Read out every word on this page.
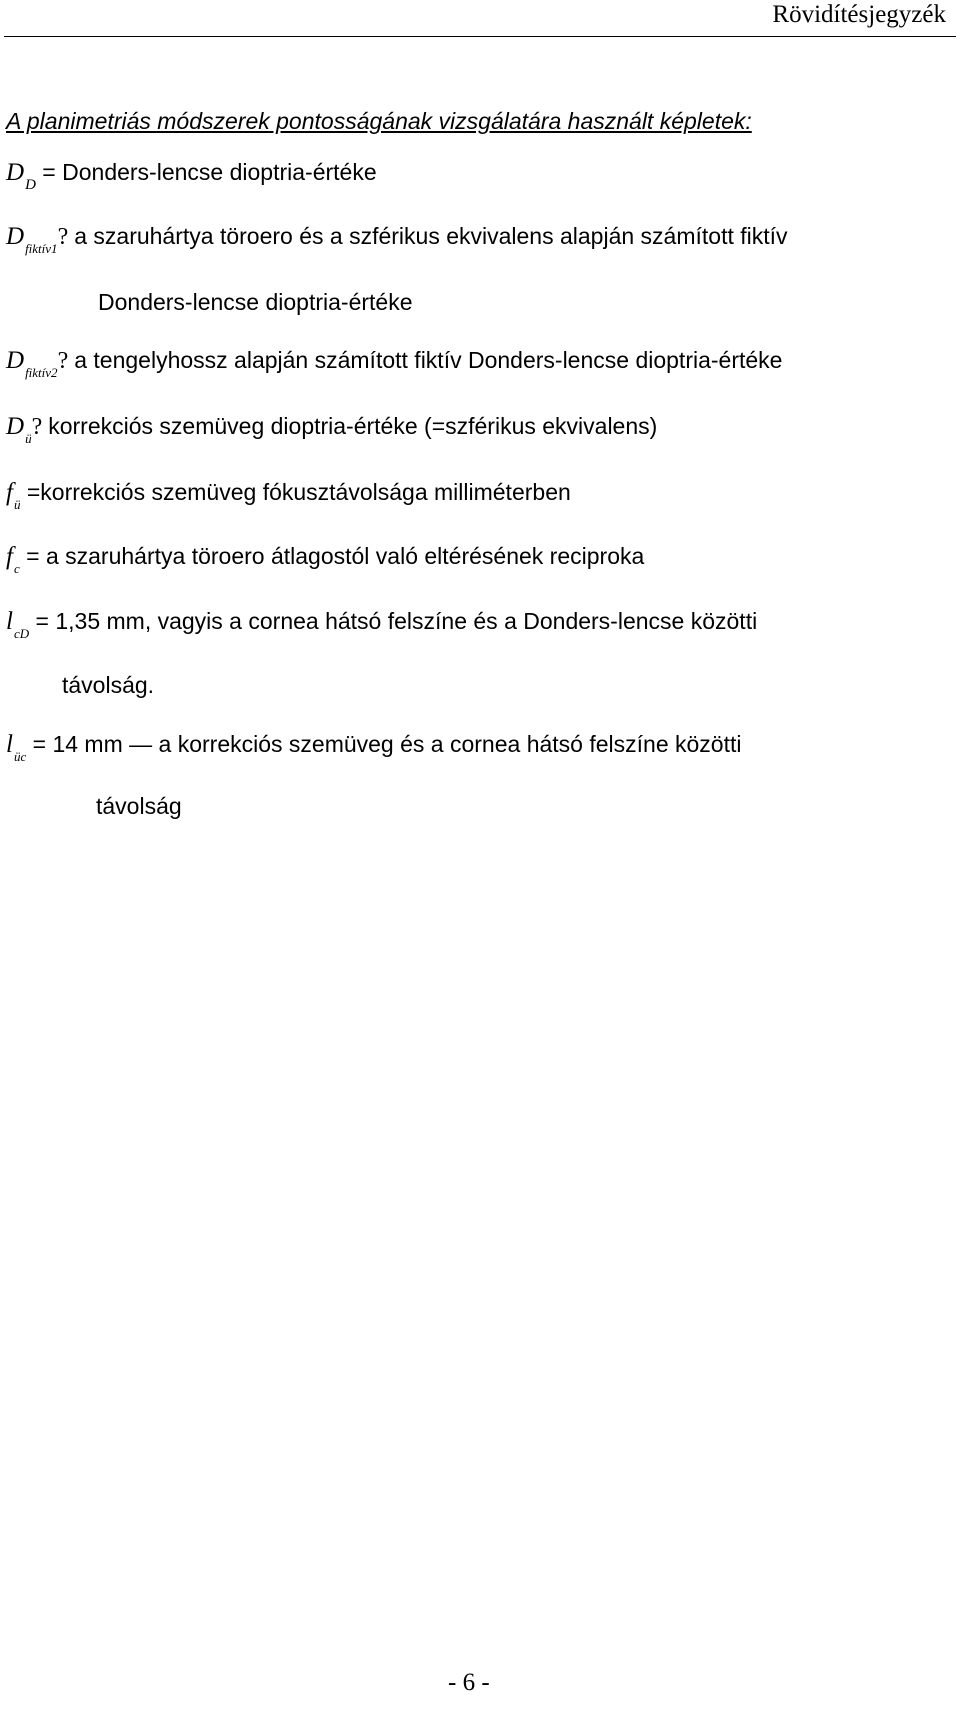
Rövidítésjegyzék
A planimetriás módszerek pontosságának vizsgálatára használt képletek:
$D_D$ = Donders-lencse dioptria-értéke
$D_{fiktív1}$? a szaruhártya töroero és a szférikus ekvivalens alapján számított fiktív
Donders-lencse dioptria-értéke
$D_{fiktív2}$? a tengelyhossz alapján számított fiktív Donders-lencse dioptria-értéke
$D_ü$? korrekciós szemüveg dioptria-értéke (=szférikus ekvivalens)
$f_ü$ =korrekciós szemüveg fókusztávolsága milliméterben
$f_c = a$ szaruhártya töroero átlagostól való eltérésének reciproka
$l_{cD} = 1,35$ mm, vagyis a cornea hátsó felszíne és a Donders-lencse közötti
távolság.
$l_{üc} = 14$ mm — a korrekciós szemüveg és a cornea hátsó felszíne közötti
távolság
- 6 -
